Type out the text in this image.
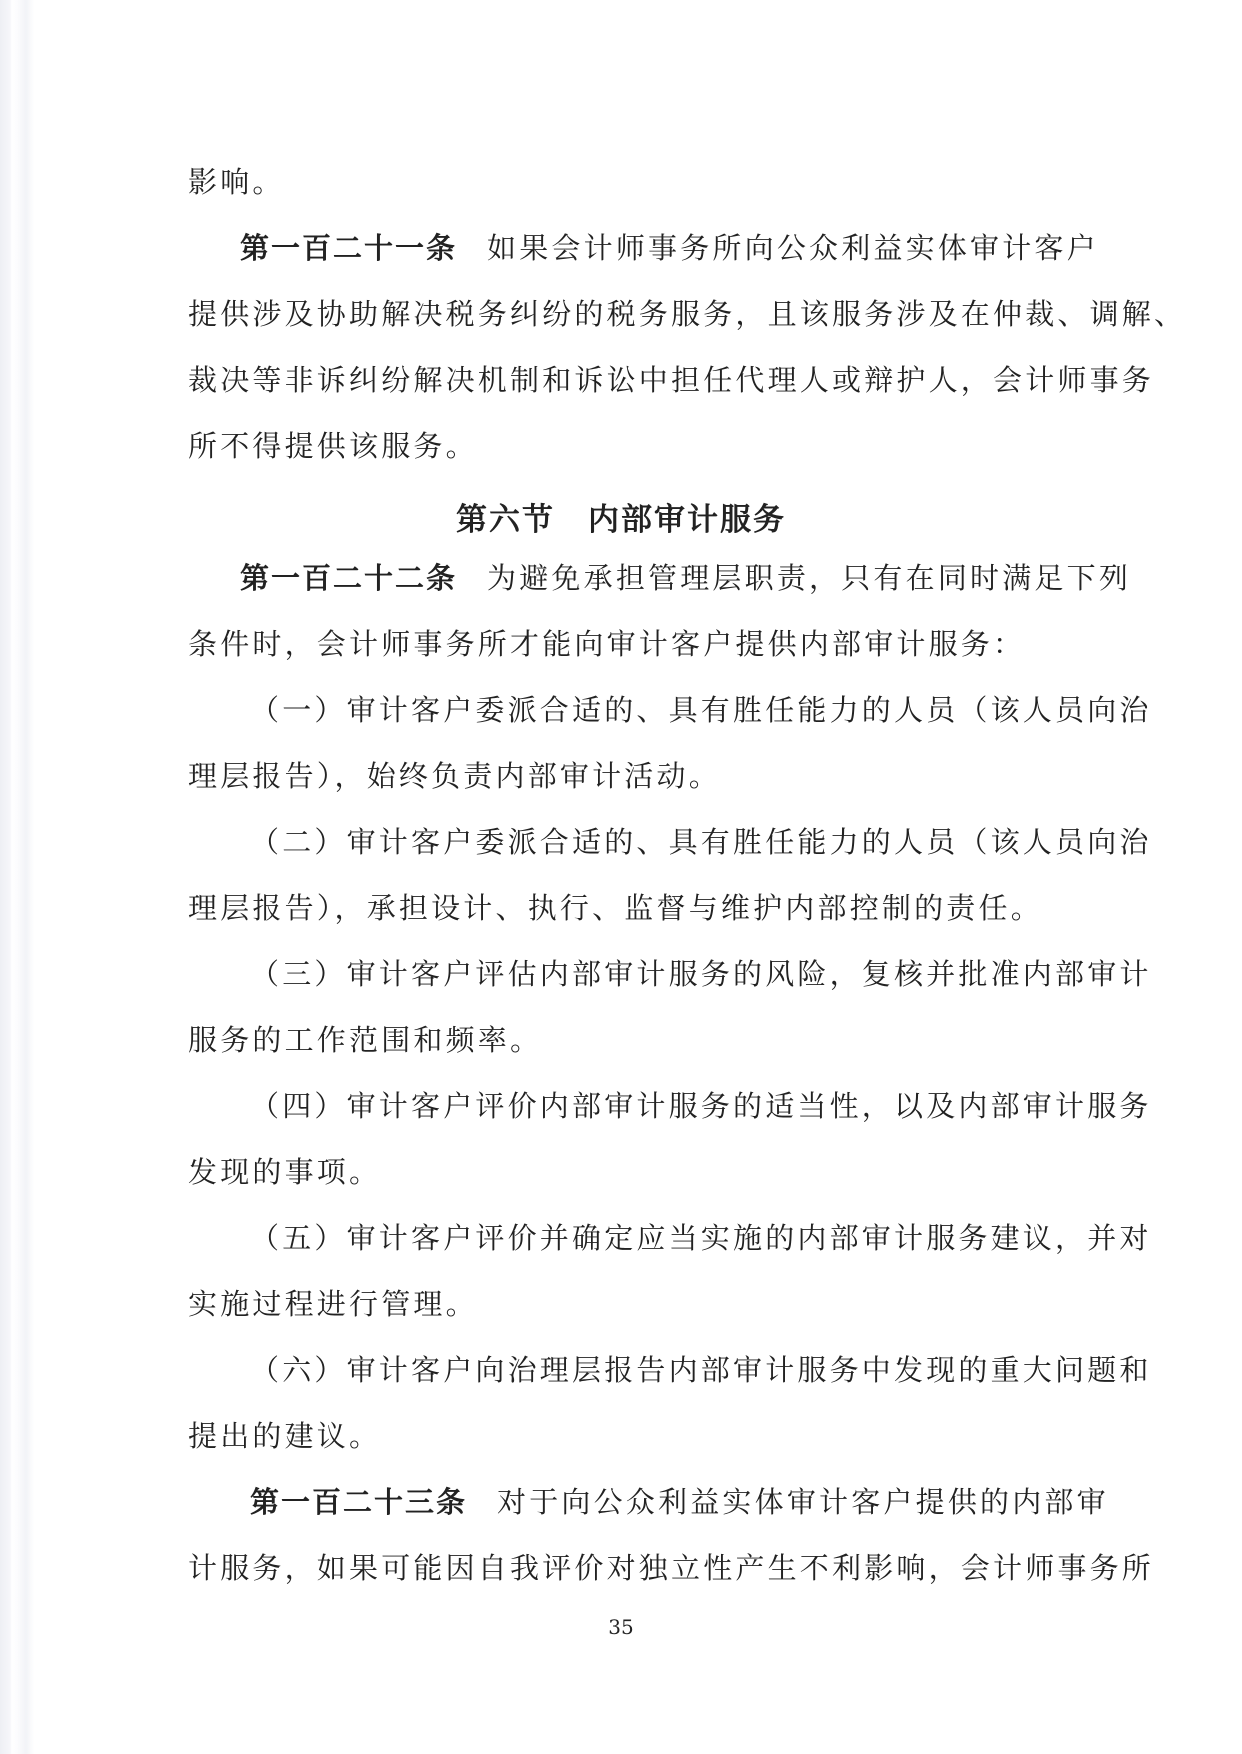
影响。
第一百二十一条 如果会计师事务所向公众利益实体审计客户
提供涉及协助解决税务纠纷的税务服务，且该服务涉及在仲裁、调解、
裁决等非诉纠纷解决机制和诉讼中担任代理人或辩护人，会计师事务
所不得提供该服务。
第六节　内部审计服务
第一百二十二条 为避免承担管理层职责，只有在同时满足下列
条件时，会计师事务所才能向审计客户提供内部审计服务：
（一）审计客户委派合适的、具有胜任能力的人员（该人员向治
理层报告），始终负责内部审计活动。
（二）审计客户委派合适的、具有胜任能力的人员（该人员向治
理层报告），承担设计、执行、监督与维护内部控制的责任。
（三）审计客户评估内部审计服务的风险，复核并批准内部审计
服务的工作范围和频率。
（四）审计客户评价内部审计服务的适当性，以及内部审计服务
发现的事项。
（五）审计客户评价并确定应当实施的内部审计服务建议，并对
实施过程进行管理。
（六）审计客户向治理层报告内部审计服务中发现的重大问题和
提出的建议。
第一百二十三条 对于向公众利益实体审计客户提供的内部审
计服务，如果可能因自我评价对独立性产生不利影响，会计师事务所
35
